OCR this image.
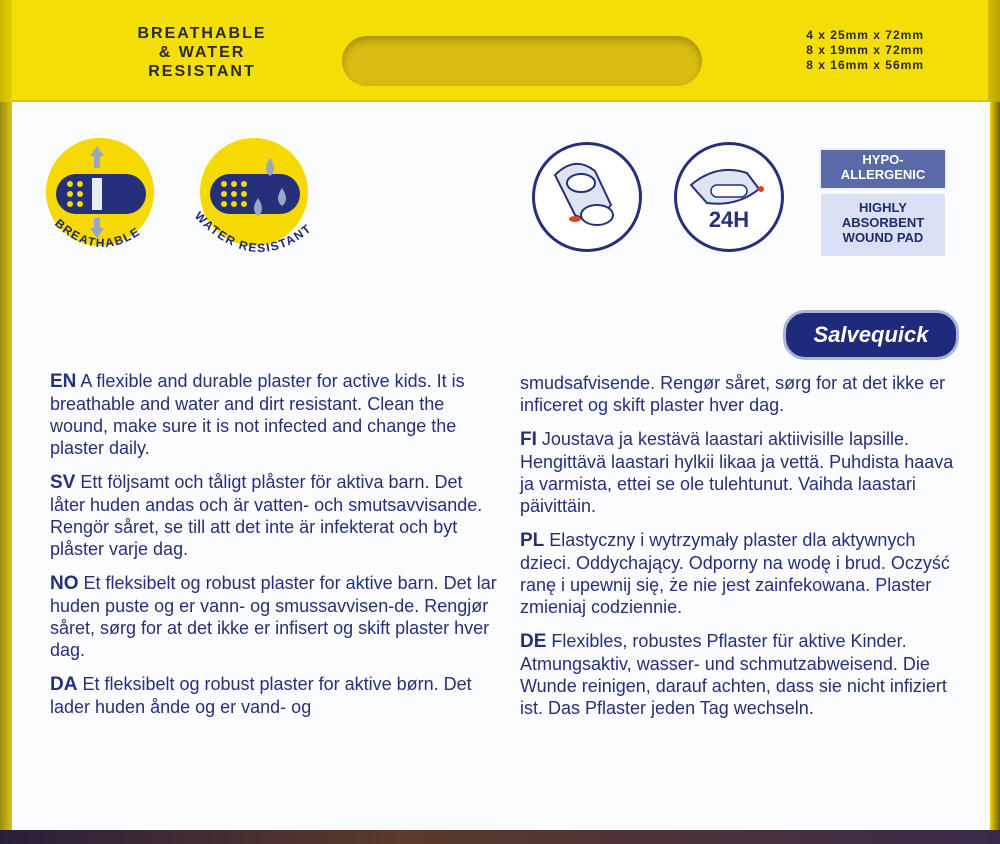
BREATHABLE
& WATER
RESISTANT
4 x 25mm x 72mm
8 x 19mm x 72mm
8 x 16mm x 56mm
BREATHABLE
WATER RESISTANT	24H
HYPO-ALLERGENIC
HIGHLY ABSORBENT WOUND PAD
Salvequick

EN A flexible and durable plaster for active kids. It is breathable and water and dirt resistant. Clean the wound, make sure it is not infected and change the plaster daily.

SV Ett följsamt och tåligt plåster för aktiva barn. Det låter huden andas och är vatten- och smutsavvisande. Rengör såret, se till att det inte är infekterat och byt plåster varje dag.

NO Et fleksibelt og robust plaster for aktive barn. Det lar huden puste og er vann- og smussavvisen-de. Rengjør såret, sørg for at det ikke er infisert og skift plaster hver dag.

DA Et fleksibelt og robust plaster for aktive børn. Det lader huden ånde og er vand- og

smudsafvisende. Rengør såret, sørg for at det ikke er inficeret og skift plaster hver dag.

FI Joustava ja kestävä laastari aktiivisille lapsille. Hengittävä laastari hylkii likaa ja vettä. Puhdista haava ja varmista, ettei se ole tulehtunut. Vaihda laastari päivittäin.

PL Elastyczny i wytrzymały plaster dla aktywnych dzieci. Oddychający. Odporny na wodę i brud. Oczyść ranę i upewnij się, że nie jest zainfekowana. Plaster zmieniaj codziennie.

DE Flexibles, robustes Pflaster für aktive Kinder. Atmungsaktiv, wasser- und schmutzabweisend. Die Wunde reinigen, darauf achten, dass sie nicht infiziert ist. Das Pflaster jeden Tag wechseln.
